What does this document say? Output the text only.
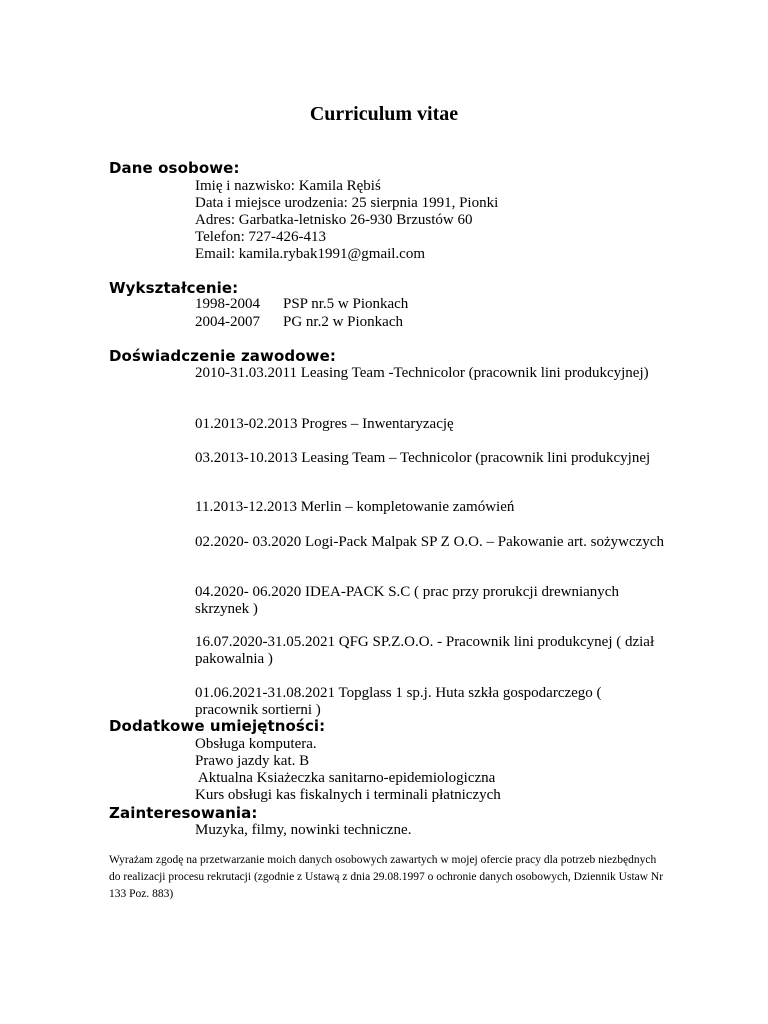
Curriculum vitae
Dane osobowe:
Imię i nazwisko: Kamila Rębiś
Data i miejsce urodzenia: 25 sierpnia 1991, Pionki
Adres: Garbatka-letnisko 26-930 Brzustów 60
Telefon: 727-426-413
Email: kamila.rybak1991@gmail.com
Wykształcenie:
1998-2004 PSP nr.5 w Pionkach
2004-2007 PG nr.2 w Pionkach
Doświadczenie zawodowe:
2010-31.03.2011 Leasing Team -Technicolor (pracownik lini produkcyjnej)
01.2013-02.2013 Progres – Inwentaryzację
03.2013-10.2013 Leasing Team – Technicolor (pracownik lini produkcyjnej
11.2013-12.2013 Merlin – kompletowanie zamówień
02.2020- 03.2020 Logi-Pack Malpak SP Z O.O. – Pakowanie art. sożywczych
04.2020- 06.2020 IDEA-PACK S.C ( prac przy prorukcji drewnianych skrzynek )
16.07.2020-31.05.2021 QFG SP.Z.O.O. - Pracownik lini produkcynej ( dział pakowalnia )
01.06.2021-31.08.2021 Topglass 1 sp.j. Huta szkła gospodarczego ( pracownik sortierni )
Dodatkowe umiejętności:
Obsługa komputera.
Prawo jazdy kat. B
Aktualna Ksiażeczka sanitarno-epidemiologiczna
Kurs obsługi kas fiskalnych i terminali płatniczych
Zainteresowania:
Muzyka, filmy, nowinki techniczne.
Wyrażam zgodę na przetwarzanie moich danych osobowych zawartych w mojej ofercie pracy dla potrzeb niezbędnych do realizacji procesu rekrutacji (zgodnie z Ustawą z dnia 29.08.1997 o ochronie danych osobowych, Dziennik Ustaw Nr 133 Poz. 883)
